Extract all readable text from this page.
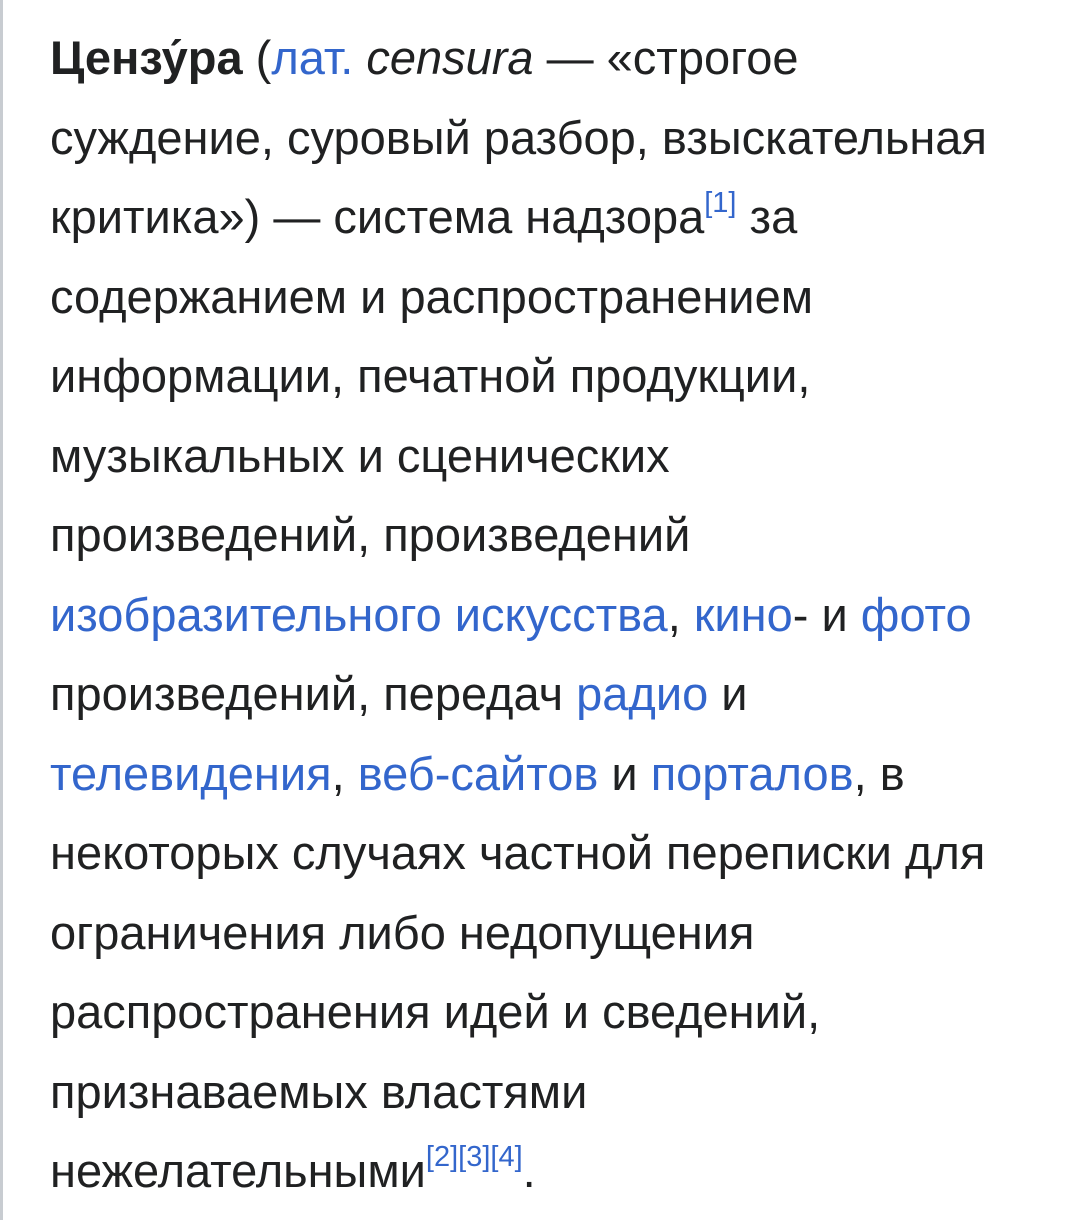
Цензу́ра (лат. censura — «строгое
суждение, суровый разбор, взыскательная
критика») — система надзора[1] за
содержанием и распространением
информации, печатной продукции,
музыкальных и сценических
произведений, произведений
изобразительного искусства, кино- и фото
произведений, передач радио и
телевидения, веб-сайтов и порталов, в
некоторых случаях частной переписки для
ограничения либо недопущения
распространения идей и сведений,
признаваемых властями
нежелательными[2][3][4].
